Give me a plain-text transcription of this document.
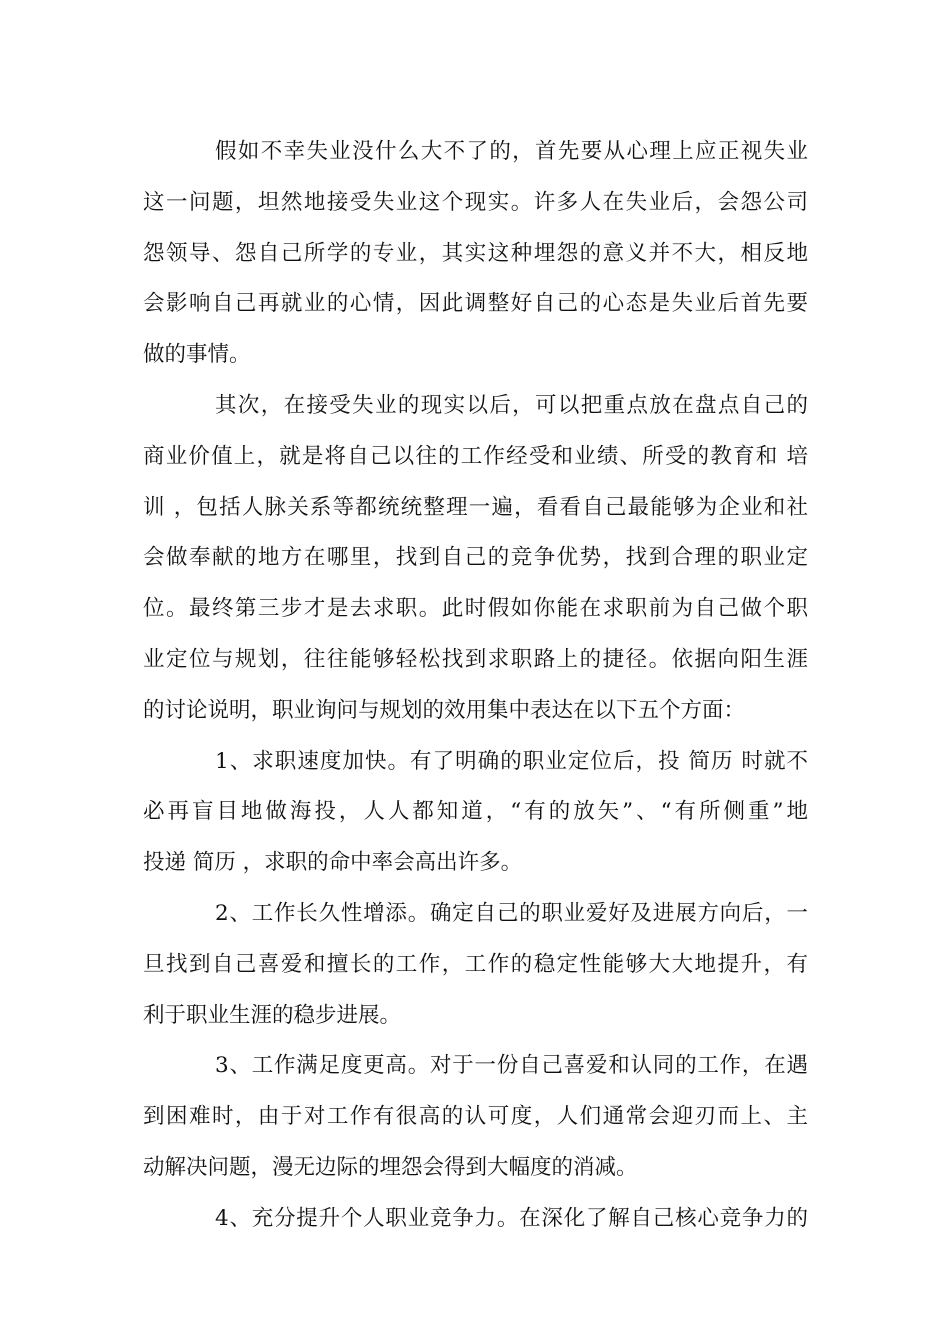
假如不幸失业没什么大不了的，首先要从心理上应正视失业
这一问题，坦然地接受失业这个现实。许多人在失业后，会怨公司
怨领导、怨自己所学的专业，其实这种埋怨的意义并不大，相反地
会影响自己再就业的心情，因此调整好自己的心态是失业后首先要
做的事情。
其次，在接受失业的现实以后，可以把重点放在盘点自己的
商业价值上，就是将自己以往的工作经受和业绩、所受的教育和 培
训 ，包括人脉关系等都统统整理一遍，看看自己最能够为企业和社
会做奉献的地方在哪里，找到自己的竞争优势，找到合理的职业定
位。最终第三步才是去求职。此时假如你能在求职前为自己做个职
业定位与规划，往往能够轻松找到求职路上的捷径。依据向阳生涯
的讨论说明，职业询问与规划的效用集中表达在以下五个方面：
1、求职速度加快。有了明确的职业定位后，投 简历 时就不
必再盲目地做海投，人人都知道，“有的放矢”、“有所侧重”地
投递 简历 ，求职的命中率会高出许多。
2、工作长久性增添。确定自己的职业爱好及进展方向后，一
旦找到自己喜爱和擅长的工作，工作的稳定性能够大大地提升，有
利于职业生涯的稳步进展。
3、工作满足度更高。对于一份自己喜爱和认同的工作，在遇
到困难时，由于对工作有很高的认可度，人们通常会迎刃而上、主
动解决问题，漫无边际的埋怨会得到大幅度的消减。
4、充分提升个人职业竞争力。在深化了解自己核心竞争力的
